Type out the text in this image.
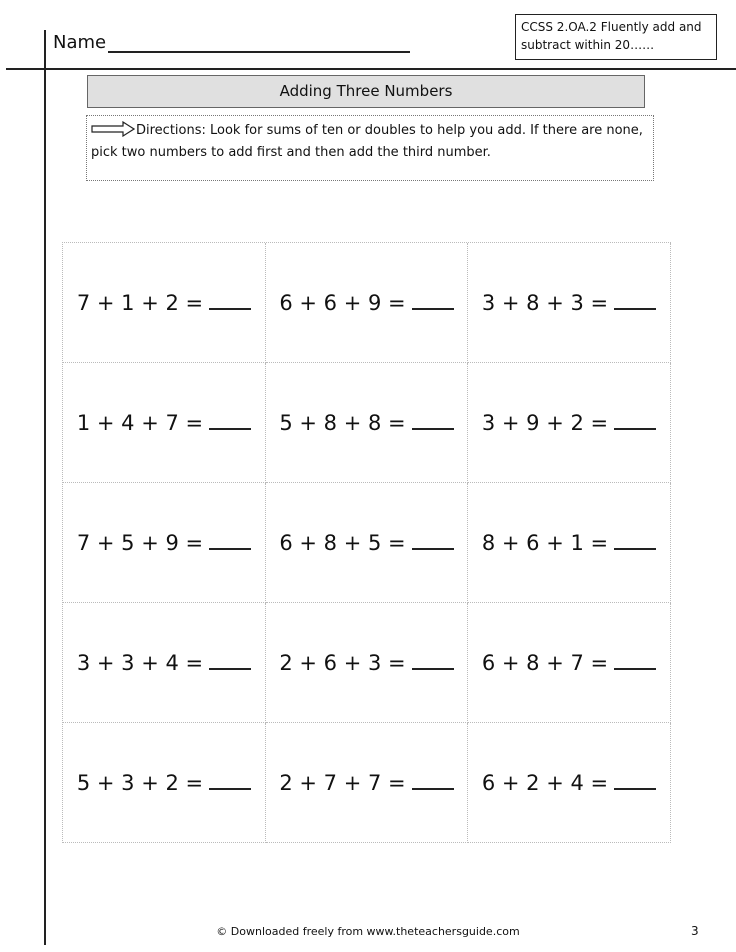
Name
CCSS 2.OA.2 Fluently add and subtract within 20……
Adding Three Numbers
Directions: Look for sums of ten or doubles to help you add. If there are none, pick two numbers to add first and then add the third number.
7 + 1 + 2 =	6 + 6 + 9 =	3 + 8 + 3 =
1 + 4 + 7 =	5 + 8 + 8 =	3 + 9 + 2 =
7 + 5 + 9 =	6 + 8 + 5 =	8 + 6 + 1 =
3 + 3 + 4 =	2 + 6 + 3 =	6 + 8 + 7 =
5 + 3 + 2 =	2 + 7 + 7 =	6 + 2 + 4 =
© Downloaded freely from www.theteachersguide.com	3
